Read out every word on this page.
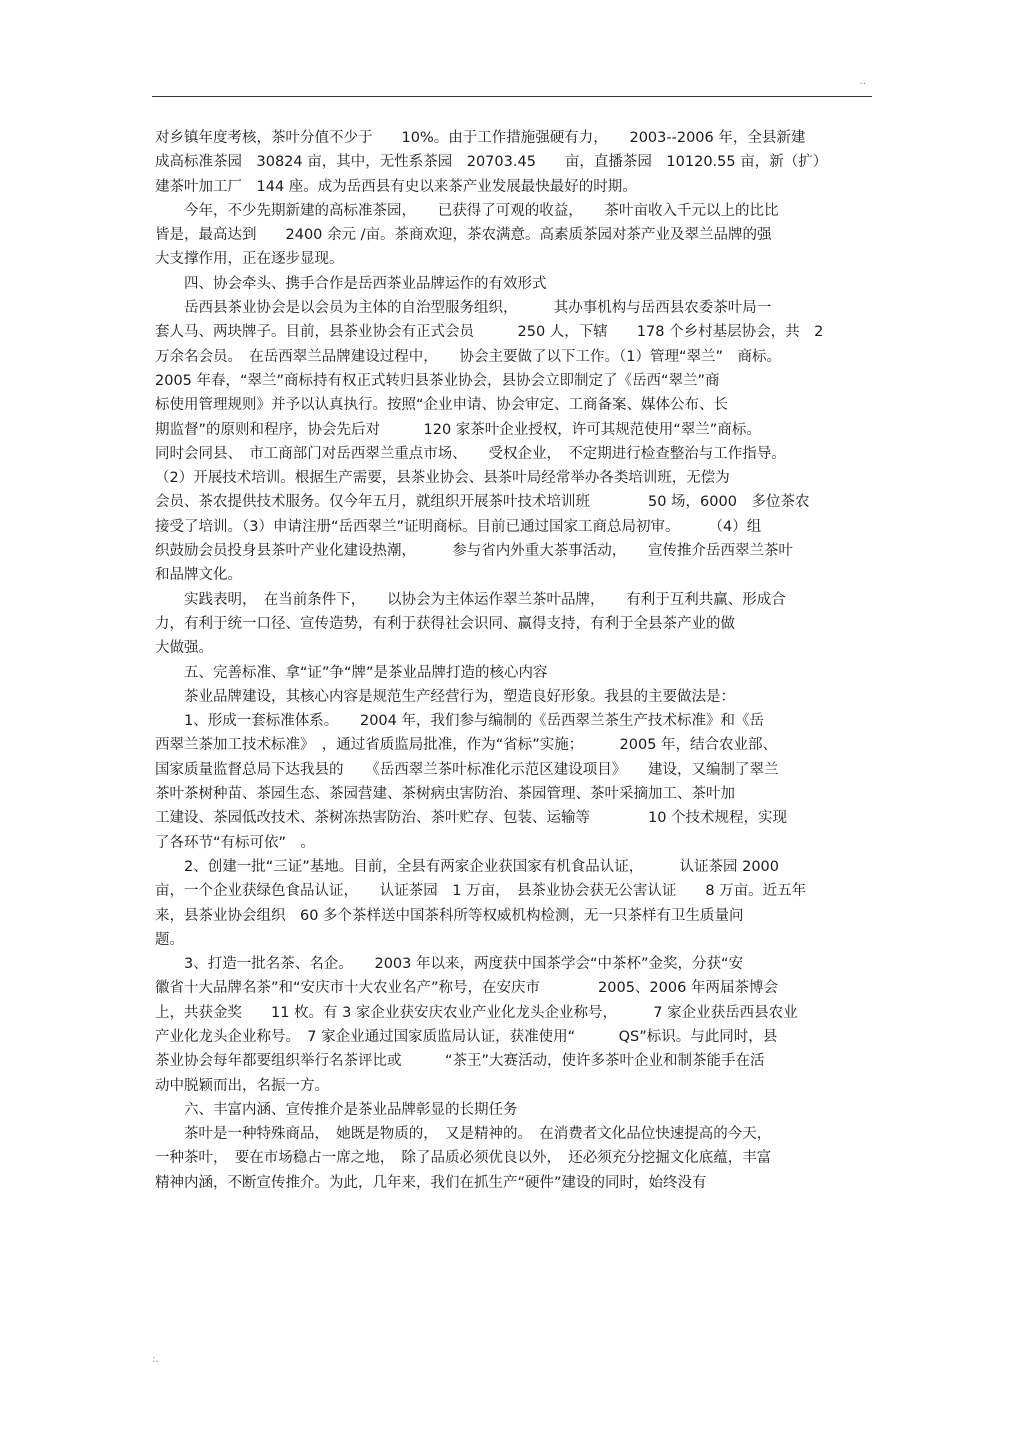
..
对乡镇年度考核，茶叶分值不少于　　10%。由于工作措施强硬有力，　　2003--2006 年，全县新建
成高标准茶园　30824 亩，其中，无性系茶园　20703.45　　亩，直播茶园　10120.55 亩，新（扩）
建茶叶加工厂　144 座。成为岳西县有史以来茶产业发展最快最好的时期。
　　今年，不少先期新建的高标准茶园，　　已获得了可观的收益，　　茶叶亩收入千元以上的比比
皆是，最高达到　　2400 余元 /亩。茶商欢迎，茶农满意。高素质茶园对茶产业及翠兰品牌的强
大支撑作用，正在逐步显现。
　　四、协会牵头、携手合作是岳西茶业品牌运作的有效形式
　　岳西县茶业协会是以会员为主体的自治型服务组织，　　　其办事机构与岳西县农委茶叶局一
套人马、两块牌子。目前，县茶业协会有正式会员　　　250 人，下辖　　178 个乡村基层协会，共　2
万余名会员。　在岳西翠兰品牌建设过程中，　　协会主要做了以下工作。（1）管理“翠兰”　商标。
2005 年春，“翠兰”商标持有权正式转归县茶业协会，县协会立即制定了《岳西“翠兰”商
标使用管理规则》并予以认真执行。按照“企业申请、协会审定、工商备案、媒体公布、长
期监督”的原则和程序，协会先后对　　　120 家茶叶企业授权，许可其规范使用“翠兰”商标。
同时会同县、　市工商部门对岳西翠兰重点市场、　　受权企业，　不定期进行检查整治与工作指导。
（2）开展技术培训。根据生产需要，县茶业协会、县茶叶局经常举办各类培训班，无偿为
会员、茶农提供技术服务。仅今年五月，就组织开展茶叶技术培训班　　　　50 场，6000　多位茶农
接受了培训。（3）申请注册“岳西翠兰”证明商标。目前已通过国家工商总局初审。　　　（4）组
织鼓励会员投身县茶叶产业化建设热潮，　　　参与省内外重大茶事活动，　　宣传推介岳西翠兰茶叶
和品牌文化。
　　实践表明，　在当前条件下，　　以协会为主体运作翠兰茶叶品牌，　　有利于互利共赢、形成合
力，有利于统一口径、宣传造势，有利于获得社会识同、赢得支持，有利于全县茶产业的做
大做强。
　　五、完善标准、拿“证”争“牌”是茶业品牌打造的核心内容
　　茶业品牌建设，其核心内容是规范生产经营行为，塑造良好形象。我县的主要做法是：
　　1、形成一套标准体系。　　2004 年，我们参与编制的《岳西翠兰茶生产技术标准》和《岳
西翠兰茶加工技术标准》　，通过省质监局批准，作为“省标”实施；　　　2005 年，结合农业部、
国家质量监督总局下达我县的　　《岳西翠兰茶叶标准化示范区建设项目》　　建设，又编制了翠兰
茶叶茶树种苗、茶园生态、茶园营建、茶树病虫害防治、茶园管理、茶叶采摘加工、茶叶加
工建设、茶园低改技术、茶树冻热害防治、茶叶贮存、包装、运输等　　　　10 个技术规程，实现
了各环节“有标可依”　。
　　2、创建一批“三证”基地。目前，全县有两家企业获国家有机食品认证，　　　认证茶园 2000
亩，一个企业获绿色食品认证，　　认证茶园　1 万亩，　县茶业协会获无公害认证　　8 万亩。近五年
来，县茶业协会组织　60 多个茶样送中国茶科所等权威机构检测，无一只茶样有卫生质量问
题。
　　3、打造一批名茶、名企。　　2003 年以来，两度获中国茶学会“中茶杯”金奖，分获“安
徽省十大品牌名茶”和“安庆市十大农业名产”称号，在安庆市　　　　2005、2006 年两届茶博会
上，共获金奖　　11 枚。有 3 家企业获安庆农业产业化龙头企业称号，　　　7 家企业获岳西县农业
产业化龙头企业称号。　7 家企业通过国家质监局认证，获准使用“　　　QS”标识。与此同时，县
茶业协会每年都要组织举行名茶评比或　　　“茶王”大赛活动，使许多茶叶企业和制茶能手在活
动中脱颖而出，名振一方。
　　六、丰富内涵、宣传推介是茶业品牌彰显的长期任务
　　茶叶是一种特殊商品，　她既是物质的，　又是精神的。　在消费者文化品位快速提高的今天，
一种茶叶，　要在市场稳占一席之地，　除了品质必须优良以外，　还必须充分挖掘文化底蕴，丰富
精神内涵，不断宣传推介。为此，几年来，我们在抓生产“硬件”建设的同时，始终没有
:.
